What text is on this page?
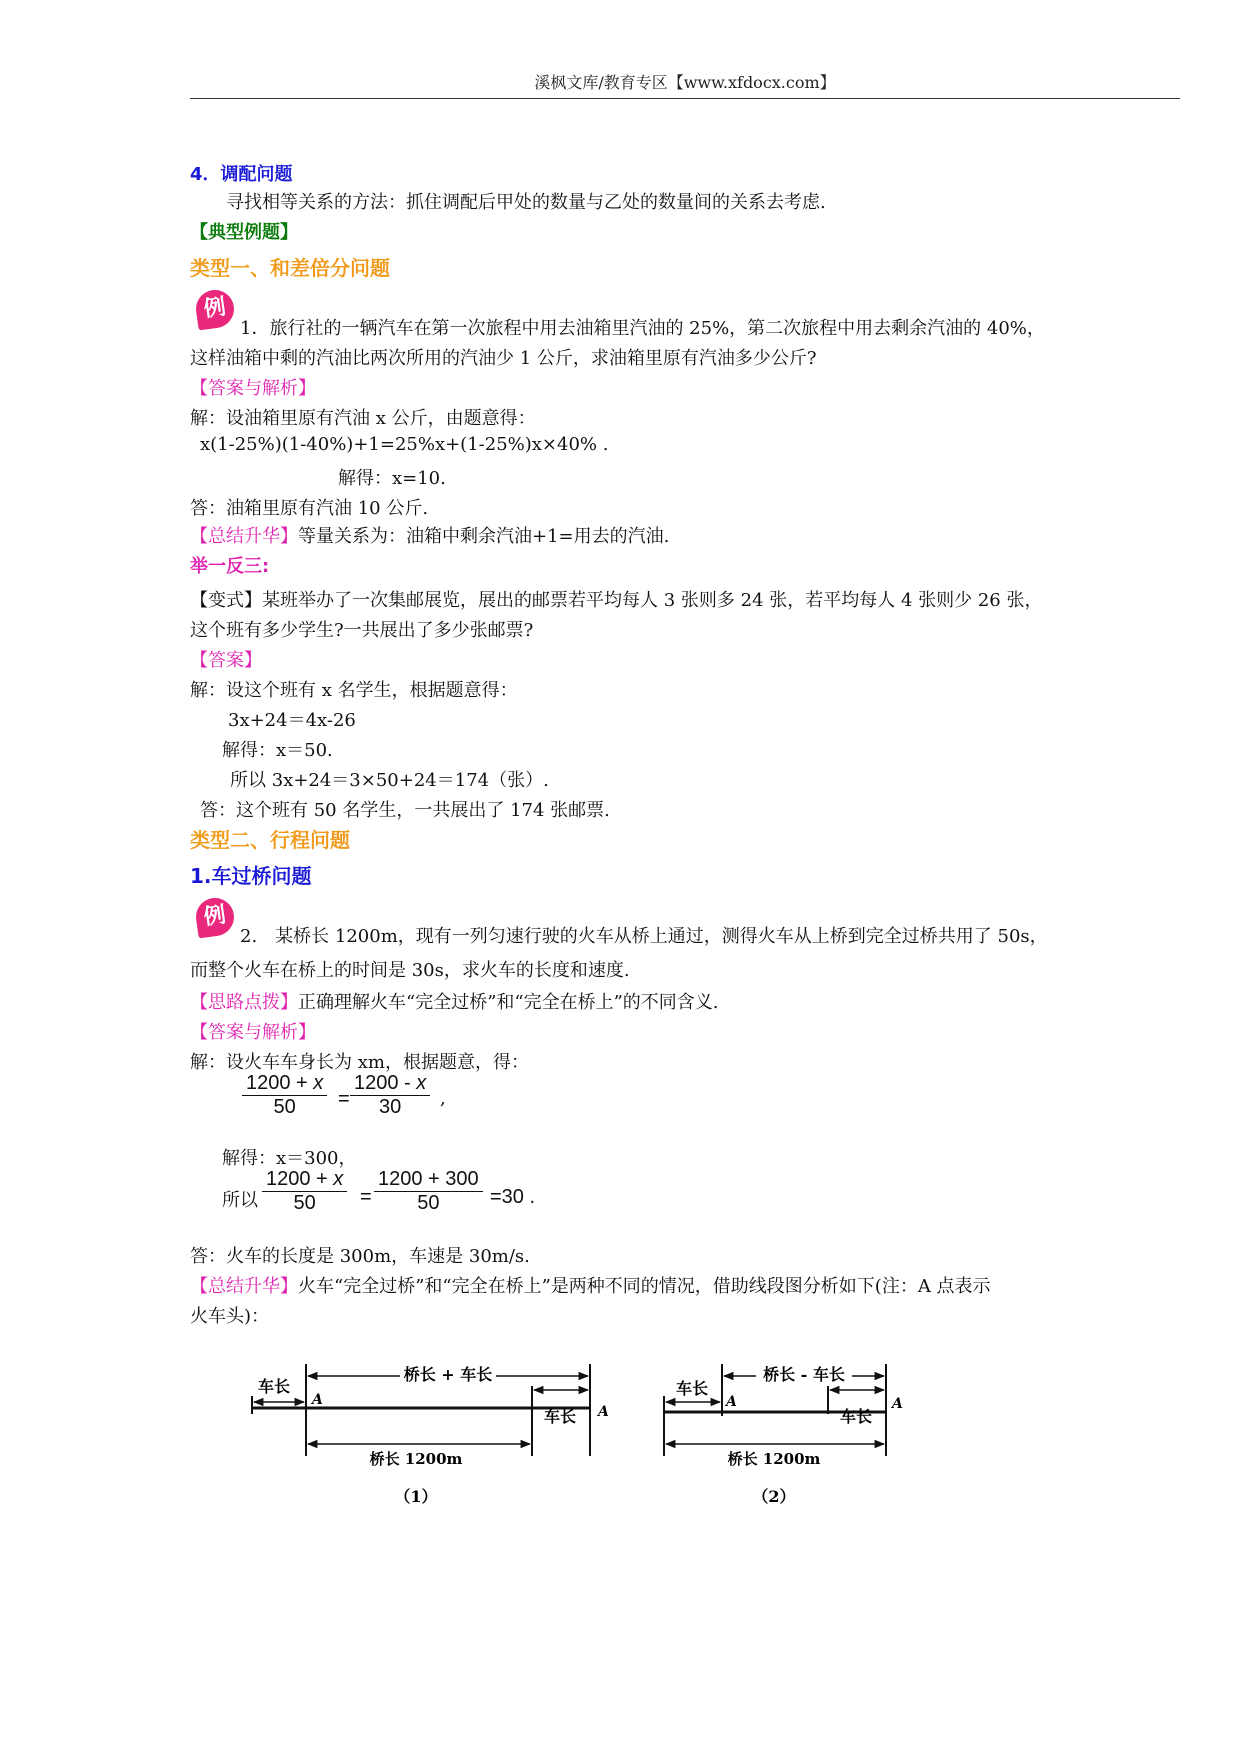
溪枫文库/教育专区【www.xfdocx.com】
4．调配问题
寻找相等关系的方法：抓住调配后甲处的数量与乙处的数量间的关系去考虑.
【典型例题】
类型一、和差倍分问题
例
1．旅行社的一辆汽车在第一次旅程中用去油箱里汽油的 25%，第二次旅程中用去剩余汽油的 40%，
这样油箱中剩的汽油比两次所用的汽油少 1 公斤，求油箱里原有汽油多少公斤?
【答案与解析】
解：设油箱里原有汽油 x 公斤，由题意得：
x(1-25%)(1-40%)+1=25%x+(1-25%)x×40% .
解得：x=10.
答：油箱里原有汽油 10 公斤.
【总结升华】等量关系为：油箱中剩余汽油+1=用去的汽油.
举一反三:
【变式】某班举办了一次集邮展览，展出的邮票若平均每人 3 张则多 24 张，若平均每人 4 张则少 26 张，
这个班有多少学生?一共展出了多少张邮票?
【答案】
解：设这个班有 x 名学生，根据题意得：
3x+24＝4x-26
解得：x＝50.
所以 3x+24＝3×50+24＝174（张）.
答：这个班有 50 名学生，一共展出了 174 张邮票.
类型二、行程问题
1.车过桥问题
例
2.　某桥长 1200m，现有一列匀速行驶的火车从桥上通过，测得火车从上桥到完全过桥共用了 50s，
而整个火车在桥上的时间是 30s，求火车的长度和速度.
【思路点拨】正确理解火车“完全过桥”和“完全在桥上”的不同含义.
【答案与解析】
解：设火车车身长为 xm，根据题意，得：
$\frac{1200 + x}{50} = \frac{1200 - x}{30}$ ,
解得：x＝300，
所以 $\frac{1200 + x}{50} = \frac{1200 + 300}{50} =30$ .
答：火车的长度是 300m，车速是 30m/s.
【总结升华】火车“完全过桥”和“完全在桥上”是两种不同的情况，借助线段图分析如下(注：A 点表示
火车头)：
桥长 + 车长
车长
A
车长 A
桥长 1200m
（1）
桥长 - 车长
车长
A
车长
A
桥长 1200m
（2）
